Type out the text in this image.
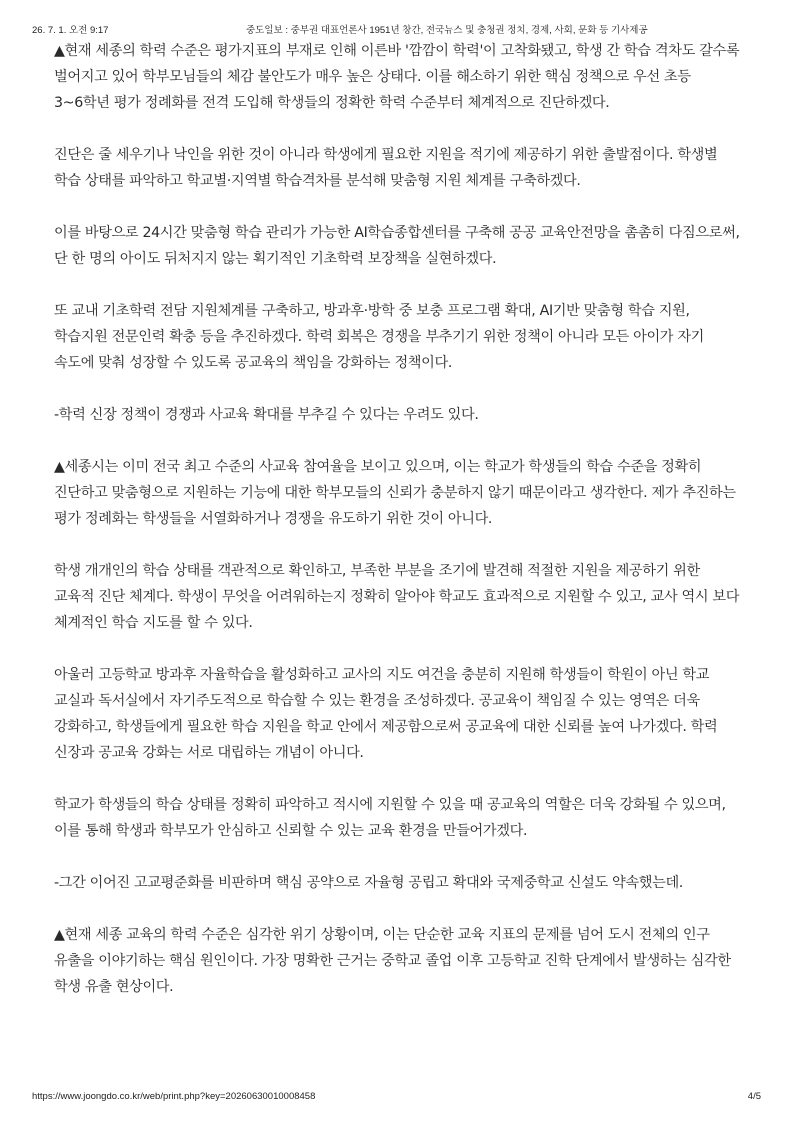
26. 7. 1. 오전 9:17	중도일보 : 중부권 대표언론사 1951년 창간, 전국뉴스 및 충청권 정치, 경제, 사회, 문화 등 기사제공

▲현재 세종의 학력 수준은 평가지표의 부재로 인해 이른바 '깜깜이 학력'이 고착화됐고, 학생 간 학습 격차도 갈수록 벌어지고 있어 학부모님들의 체감 불안도가 매우 높은 상태다. 이를 해소하기 위한 핵심 정책으로 우선 초등 3~6학년 평가 정례화를 전격 도입해 학생들의 정확한 학력 수준부터 체계적으로 진단하겠다.

진단은 줄 세우기나 낙인을 위한 것이 아니라 학생에게 필요한 지원을 적기에 제공하기 위한 출발점이다. 학생별 학습 상태를 파악하고 학교별·지역별 학습격차를 분석해 맞춤형 지원 체계를 구축하겠다.

이를 바탕으로 24시간 맞춤형 학습 관리가 가능한 AI학습종합센터를 구축해 공공 교육안전망을 촘촘히 다짐으로써, 단 한 명의 아이도 뒤처지지 않는 획기적인 기초학력 보장책을 실현하겠다.

또 교내 기초학력 전담 지원체계를 구축하고, 방과후·방학 중 보충 프로그램 확대, AI기반 맞춤형 학습 지원, 학습지원 전문인력 확충 등을 추진하겠다. 학력 회복은 경쟁을 부추기기 위한 정책이 아니라 모든 아이가 자기 속도에 맞춰 성장할 수 있도록 공교육의 책임을 강화하는 정책이다.

-학력 신장 정책이 경쟁과 사교육 확대를 부추길 수 있다는 우려도 있다.

▲세종시는 이미 전국 최고 수준의 사교육 참여율을 보이고 있으며, 이는 학교가 학생들의 학습 수준을 정확히 진단하고 맞춤형으로 지원하는 기능에 대한 학부모들의 신뢰가 충분하지 않기 때문이라고 생각한다. 제가 추진하는 평가 정례화는 학생들을 서열화하거나 경쟁을 유도하기 위한 것이 아니다.

학생 개개인의 학습 상태를 객관적으로 확인하고, 부족한 부분을 조기에 발견해 적절한 지원을 제공하기 위한 교육적 진단 체계다. 학생이 무엇을 어려워하는지 정확히 알아야 학교도 효과적으로 지원할 수 있고, 교사 역시 보다 체계적인 학습 지도를 할 수 있다.

아울러 고등학교 방과후 자율학습을 활성화하고 교사의 지도 여건을 충분히 지원해 학생들이 학원이 아닌 학교 교실과 독서실에서 자기주도적으로 학습할 수 있는 환경을 조성하겠다. 공교육이 책임질 수 있는 영역은 더욱 강화하고, 학생들에게 필요한 학습 지원을 학교 안에서 제공함으로써 공교육에 대한 신뢰를 높여 나가겠다. 학력 신장과 공교육 강화는 서로 대립하는 개념이 아니다.

학교가 학생들의 학습 상태를 정확히 파악하고 적시에 지원할 수 있을 때 공교육의 역할은 더욱 강화될 수 있으며, 이를 통해 학생과 학부모가 안심하고 신뢰할 수 있는 교육 환경을 만들어가겠다.

-그간 이어진 고교평준화를 비판하며 핵심 공약으로 자율형 공립고 확대와 국제중학교 신설도 약속했는데.

▲현재 세종 교육의 학력 수준은 심각한 위기 상황이며, 이는 단순한 교육 지표의 문제를 넘어 도시 전체의 인구 유출을 이야기하는 핵심 원인이다. 가장 명확한 근거는 중학교 졸업 이후 고등학교 진학 단계에서 발생하는 심각한 학생 유출 현상이다.

https://www.joongdo.co.kr/web/print.php?key=20260630010008458	4/5
